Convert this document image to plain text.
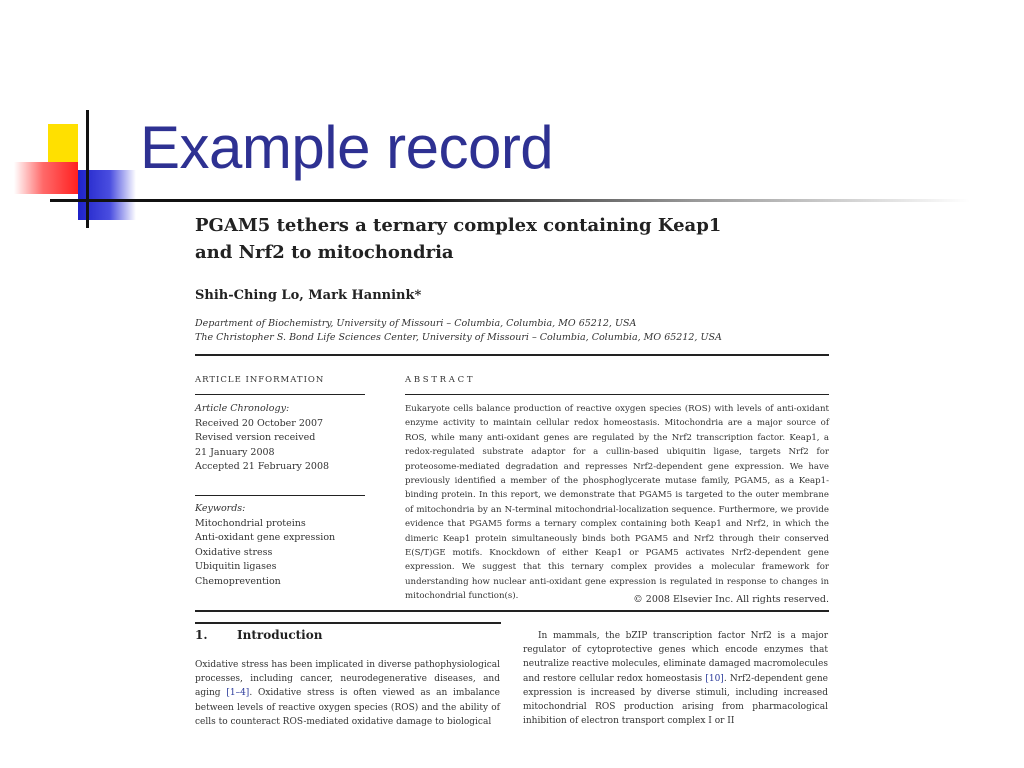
Example record
PGAM5 tethers a ternary complex containing Keap1
and Nrf2 to mitochondria
Shih-Ching Lo, Mark Hannink*
Department of Biochemistry, University of Missouri – Columbia, Columbia, MO 65212, USA
The Christopher S. Bond Life Sciences Center, University of Missouri – Columbia, Columbia, MO 65212, USA
ARTICLE INFORMATION	A B S T R A C T
Article Chronology:
Received 20 October 2007
Revised version received
21 January 2008
Accepted 21 February 2008
Keywords:
Mitochondrial proteins
Anti-oxidant gene expression
Oxidative stress
Ubiquitin ligases
Chemoprevention
Eukaryote cells balance production of reactive oxygen species (ROS) with levels of anti-oxidant enzyme activity to maintain cellular redox homeostasis. Mitochondria are a major source of ROS, while many anti-oxidant genes are regulated by the Nrf2 transcription factor. Keap1, a redox-regulated substrate adaptor for a cullin-based ubiquitin ligase, targets Nrf2 for proteosome-mediated degradation and represses Nrf2-dependent gene expression. We have previously identified a member of the phosphoglycerate mutase family, PGAM5, as a Keap1-binding protein. In this report, we demonstrate that PGAM5 is targeted to the outer membrane of mitochondria by an N-terminal mitochondrial-localization sequence. Furthermore, we provide evidence that PGAM5 forms a ternary complex containing both Keap1 and Nrf2, in which the dimeric Keap1 protein simultaneously binds both PGAM5 and Nrf2 through their conserved E(S/T)GE motifs. Knockdown of either Keap1 or PGAM5 activates Nrf2-dependent gene expression. We suggest that this ternary complex provides a molecular framework for understanding how nuclear anti-oxidant gene expression is regulated in response to changes in mitochondrial function(s).	© 2008 Elsevier Inc. All rights reserved.
1. Introduction
Oxidative stress has been implicated in diverse pathophysiological processes, including cancer, neurodegenerative diseases, and aging [1–4]. Oxidative stress is often viewed as an imbalance between levels of reactive oxygen species (ROS) and the ability of cells to counteract ROS-mediated oxidative damage to biological
In mammals, the bZIP transcription factor Nrf2 is a major regulator of cytoprotective genes which encode enzymes that neutralize reactive molecules, eliminate damaged macromolecules and restore cellular redox homeostasis [10]. Nrf2-dependent gene expression is increased by diverse stimuli, including increased mitochondrial ROS production arising from pharmacological inhibition of electron transport complex I or II
